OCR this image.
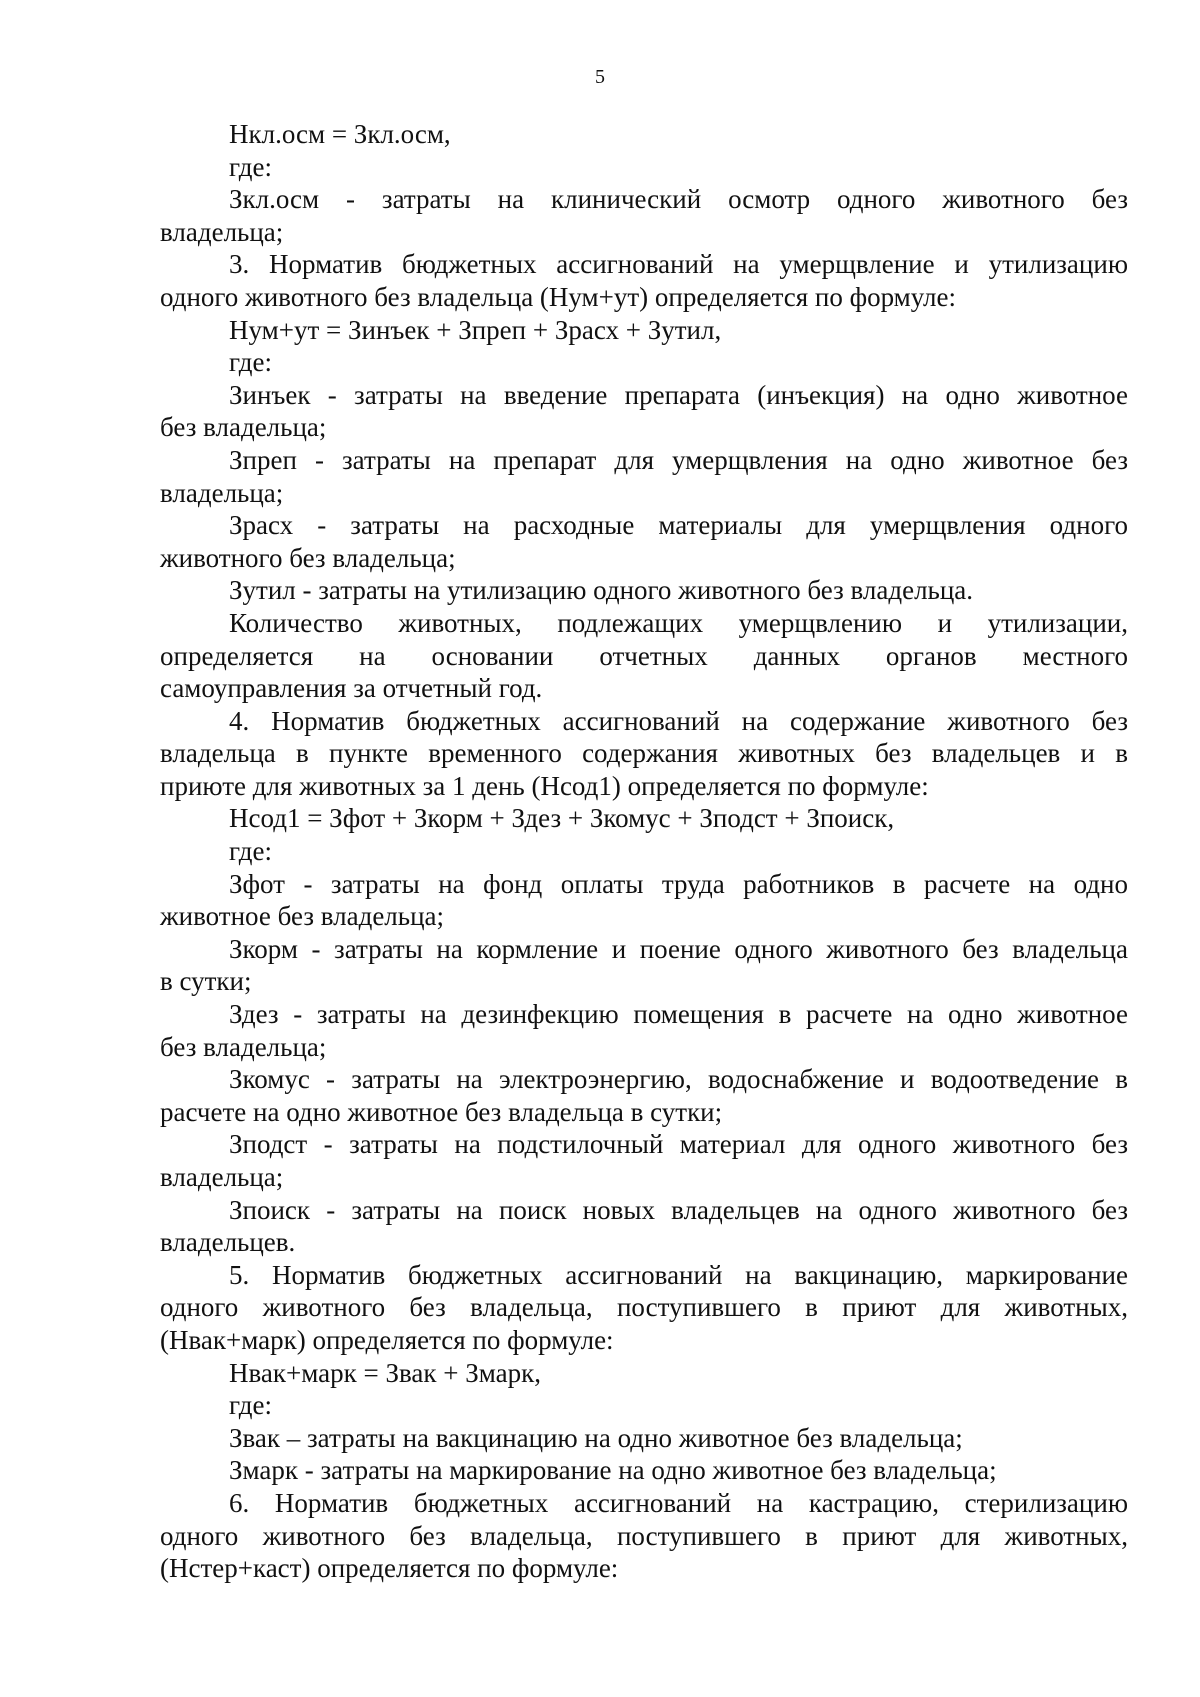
5
Нкл.осм = Зкл.осм,
где:
Зкл.осм - затраты на клинический осмотр одного животного без
владельца;
3. Норматив бюджетных ассигнований на умерщвление и утилизацию
одного животного без владельца (Нум+ут) определяется по формуле:
Нум+ут = Зинъек + Зпреп + Зрасх + Зутил,
где:
Зинъек - затраты на введение препарата (инъекция) на одно животное
без владельца;
Зпреп - затраты на препарат для умерщвления на одно животное без
владельца;
Зрасх - затраты на расходные материалы для умерщвления одного
животного без владельца;
Зутил - затраты на утилизацию одного животного без владельца.
Количество животных, подлежащих умерщвлению и утилизации,
определяется на основании отчетных данных органов местного
самоуправления за отчетный год.
4. Норматив бюджетных ассигнований на содержание животного без
владельца в пункте временного содержания животных без владельцев и в
приюте для животных за 1 день (Нсод1) определяется по формуле:
Нсод1 = Зфот + Зкорм + Здез + Зкомус + Зподст + Зпоиск,
где:
Зфот - затраты на фонд оплаты труда работников в расчете на одно
животное без владельца;
Зкорм - затраты на кормление и поение одного животного без владельца
в сутки;
Здез - затраты на дезинфекцию помещения в расчете на одно животное
без владельца;
Зкомус - затраты на электроэнергию, водоснабжение и водоотведение в
расчете на одно животное без владельца в сутки;
Зподст - затраты на подстилочный материал для одного животного без
владельца;
Зпоиск - затраты на поиск новых владельцев на одного животного без
владельцев.
5. Норматив бюджетных ассигнований на вакцинацию, маркирование
одного животного без владельца, поступившего в приют для животных,
(Нвак+марк) определяется по формуле:
Нвак+марк = Звак + Змарк,
где:
Звак – затраты на вакцинацию на одно животное без владельца;
Змарк - затраты на маркирование на одно животное без владельца;
6. Норматив бюджетных ассигнований на кастрацию, стерилизацию
одного животного без владельца, поступившего в приют для животных,
(Нстер+каст) определяется по формуле:
